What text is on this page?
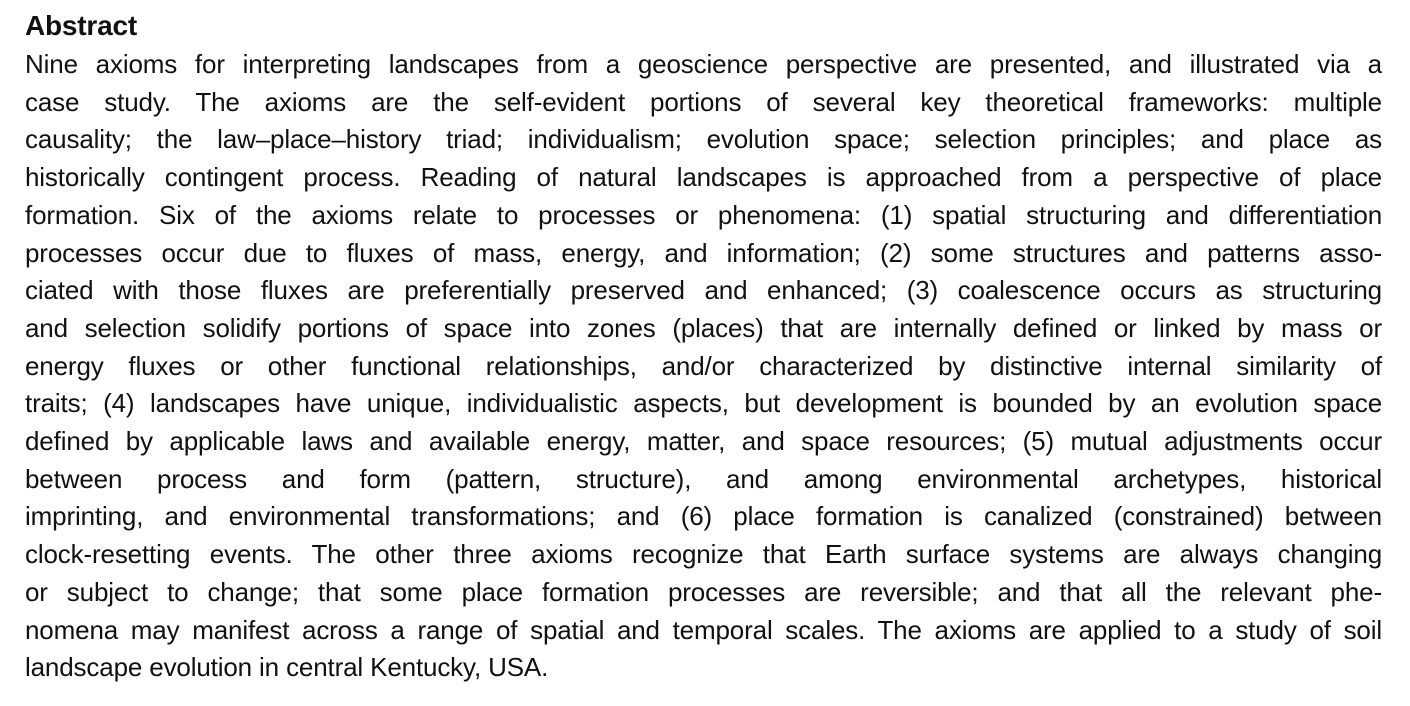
Abstract

Nine axioms for interpreting landscapes from a geoscience perspective are presented, and illustrated via a
case study. The axioms are the self-evident portions of several key theoretical frameworks: multiple
causality; the law–place–history triad; individualism; evolution space; selection principles; and place as
historically contingent process. Reading of natural landscapes is approached from a perspective of place
formation. Six of the axioms relate to processes or phenomena: (1) spatial structuring and differentiation
processes occur due to fluxes of mass, energy, and information; (2) some structures and patterns asso-
ciated with those fluxes are preferentially preserved and enhanced; (3) coalescence occurs as structuring
and selection solidify portions of space into zones (places) that are internally defined or linked by mass or
energy fluxes or other functional relationships, and/or characterized by distinctive internal similarity of
traits; (4) landscapes have unique, individualistic aspects, but development is bounded by an evolution space
defined by applicable laws and available energy, matter, and space resources; (5) mutual adjustments occur
between process and form (pattern, structure), and among environmental archetypes, historical
imprinting, and environmental transformations; and (6) place formation is canalized (constrained) between
clock-resetting events. The other three axioms recognize that Earth surface systems are always changing
or subject to change; that some place formation processes are reversible; and that all the relevant phe-
nomena may manifest across a range of spatial and temporal scales. The axioms are applied to a study of soil
landscape evolution in central Kentucky, USA.
